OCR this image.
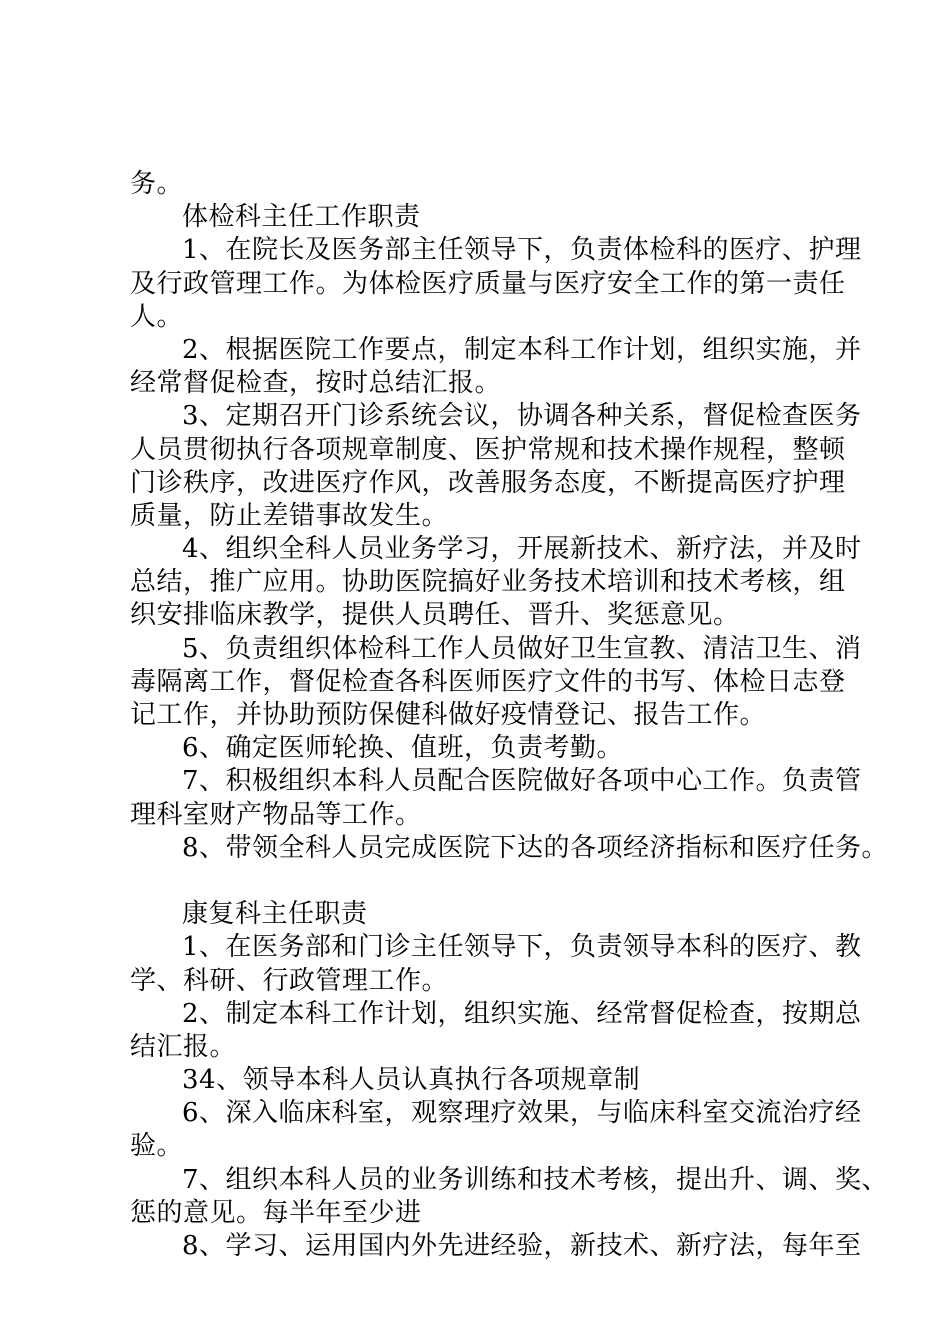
务。
体检科主任工作职责
1、在院长及医务部主任领导下，负责体检科的医疗、护理
及行政管理工作。为体检医疗质量与医疗安全工作的第一责任
人。
2、根据医院工作要点，制定本科工作计划，组织实施，并
经常督促检查，按时总结汇报。
3、定期召开门诊系统会议，协调各种关系，督促检查医务
人员贯彻执行各项规章制度、医护常规和技术操作规程，整顿
门诊秩序，改进医疗作风，改善服务态度，不断提高医疗护理
质量，防止差错事故发生。
4、组织全科人员业务学习，开展新技术、新疗法，并及时
总结，推广应用。协助医院搞好业务技术培训和技术考核，组
织安排临床教学，提供人员聘任、晋升、奖惩意见。
5、负责组织体检科工作人员做好卫生宣教、清洁卫生、消
毒隔离工作，督促检查各科医师医疗文件的书写、体检日志登
记工作，并协助预防保健科做好疫情登记、报告工作。
6、确定医师轮换、值班，负责考勤。
7、积极组织本科人员配合医院做好各项中心工作。负责管
理科室财产物品等工作。
8、带领全科人员完成医院下达的各项经济指标和医疗任务。
康复科主任职责
1、在医务部和门诊主任领导下，负责领导本科的医疗、教
学、科研、行政管理工作。
2、制定本科工作计划，组织实施、经常督促检查，按期总
结汇报。
34、领导本科人员认真执行各项规章制
6、深入临床科室，观察理疗效果，与临床科室交流治疗经
验。
7、组织本科人员的业务训练和技术考核，提出升、调、奖、
惩的意见。每半年至少进
8、学习、运用国内外先进经验，新技术、新疗法，每年至
